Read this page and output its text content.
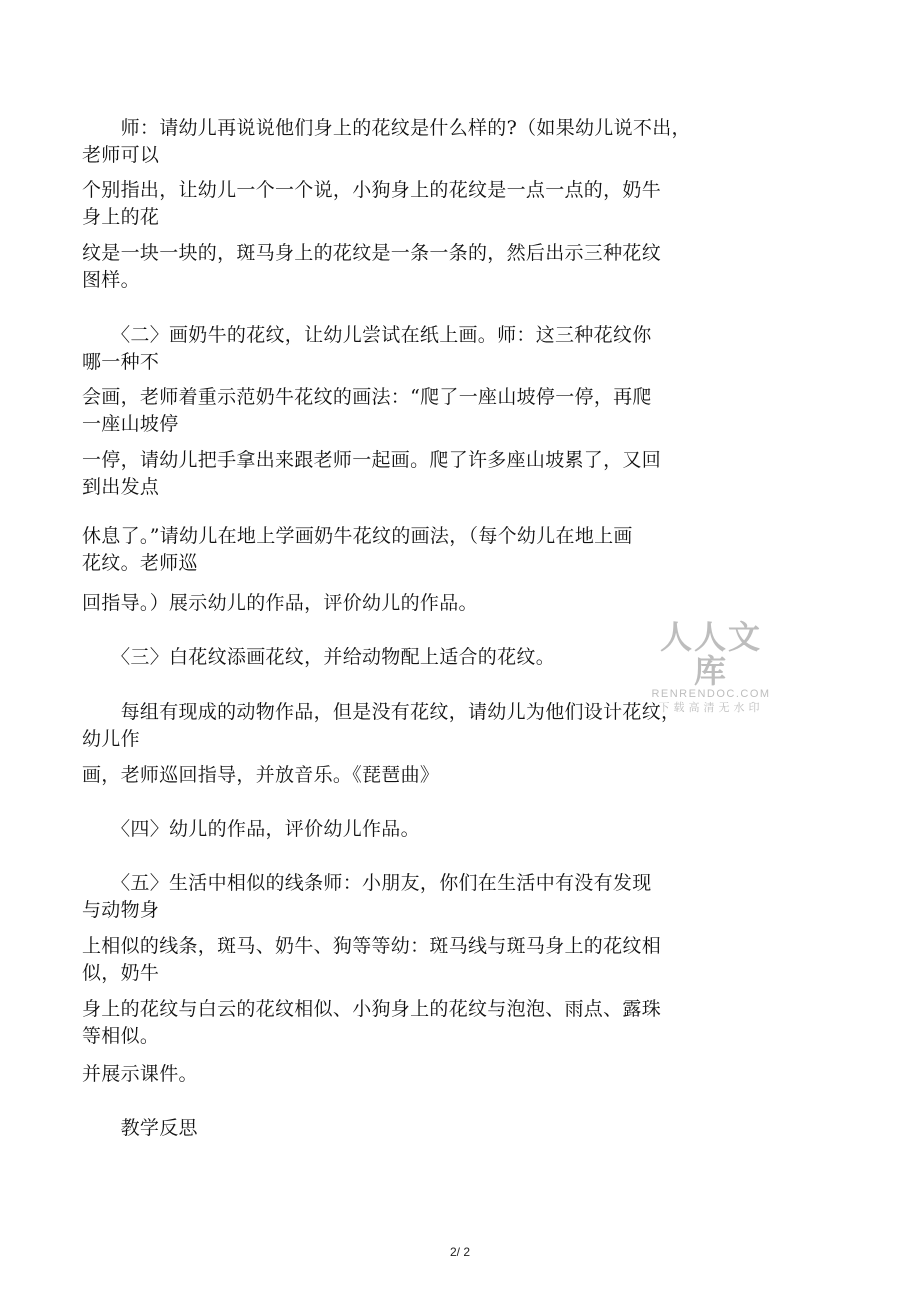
　　师：请幼儿再说说他们身上的花纹是什么样的?（如果幼儿说不出，
老师可以
个别指出，让幼儿一个一个说，小狗身上的花纹是一点一点的，奶牛
身上的花
纹是一块一块的，斑马身上的花纹是一条一条的，然后出示三种花纹
图样。
　　〈二〉画奶牛的花纹，让幼儿尝试在纸上画。师：这三种花纹你
哪一种不
会画，老师着重示范奶牛花纹的画法：“爬了一座山坡停一停，再爬
一座山坡停
一停，请幼儿把手拿出来跟老师一起画。爬了许多座山坡累了，又回
到出发点
休息了。”请幼儿在地上学画奶牛花纹的画法，（每个幼儿在地上画
花纹。老师巡
回指导。）展示幼儿的作品，评价幼儿的作品。
　　〈三〉白花纹添画花纹，并给动物配上适合的花纹。
　　每组有现成的动物作品，但是没有花纹，请幼儿为他们设计花纹，
幼儿作
画，老师巡回指导，并放音乐。《琵琶曲》
　　〈四〉幼儿的作品，评价幼儿作品。
　　〈五〉生活中相似的线条师：小朋友，你们在生活中有没有发现
与动物身
上相似的线条，斑马、奶牛、狗等等幼：斑马线与斑马身上的花纹相
似，奶牛
身上的花纹与白云的花纹相似、小狗身上的花纹与泡泡、雨点、露珠
等相似。
并展示课件。
　　教学反思
人人文库
RENRENDOC.COM
下载高清无水印
2/ 2
